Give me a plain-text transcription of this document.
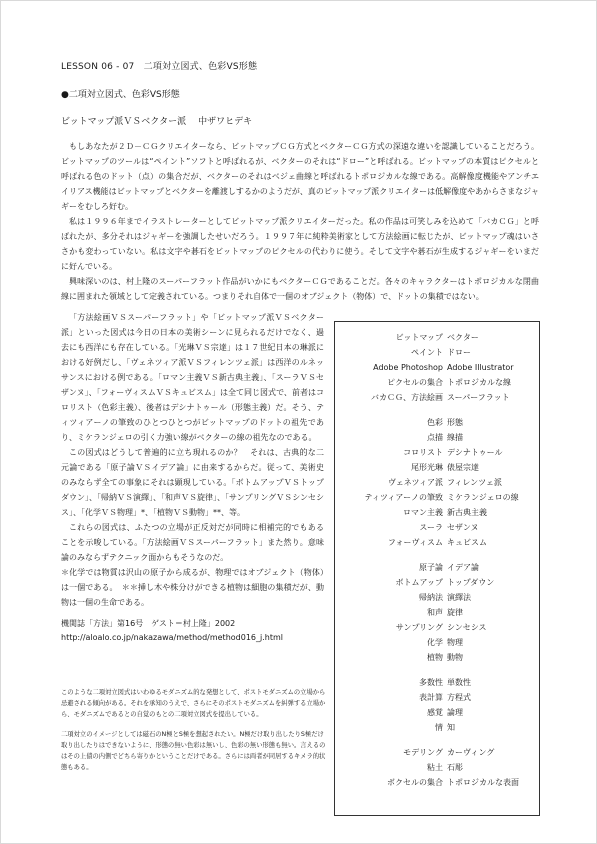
LESSON 06 - 07　二項対立図式、色彩VS形態
●二項対立図式、色彩VS形態
ビットマップ派ＶＳベクター派 中ザワヒデキ

もしあなたが２Ｄ－ＣＧクリエイターなら、ビットマップＣＧ方式とベクターＣＧ方式の深遠な違いを認識していることだろう。ビットマップのツールは“ペイント”ソフトと呼ばれるが、ベクターのそれは“ドロー”と呼ばれる。ビットマップの本質はピクセルと呼ばれる色のドット（点）の集合だが、ベクターのそれはベジェ曲線と呼ばれるトポロジカルな線である。高解像度機能やアンチエイリアス機能はビットマップとベクターを離渡しするかのようだが、真のビットマップ派クリエイターは低解像度やあからさまなジャギーをむしろ好む。

私は１９９６年までイラストレーターとしてビットマップ派クリエイターだった。私の作品は可笑しみを込めて「バカＣＧ」と呼ばれたが、多分それはジャギーを強調したせいだろう。１９９７年に純粋美術家として方法絵画に転じたが、ビットマップ魂はいささかも変わっていない。私は文字や碁石をビットマップのピクセルの代わりに使う。そして文字や碁石が生成するジャギーをいまだに好んでいる。

興味深いのは、村上隆のスーパーフラット作品がいかにもベクターＣＧであることだ。各々のキャラクターはトポロジカルな閉曲線に囲まれた領域として定義されている。つまりそれ自体で一個のオブジェクト（物体）で、ドットの集積ではない。

「方法絵画ＶＳスーパーフラット」や「ビットマップ派ＶＳベクター派」といった図式は今日の日本の美術シーンに見られるだけでなく、過去にも西洋にも存在している。「光琳ＶＳ宗達」は１７世紀日本の琳派における好例だし、「ヴェネツィア派ＶＳフィレンツェ派」は西洋のルネッサンスにおける例である。「ロマン主義ＶＳ新古典主義」、「スーラＶＳセザンヌ」、「フォーヴィスムＶＳキュビスム」は全て同じ図式で、前者はコロリスト（色彩主義）、後者はデシナトゥール（形態主義）だ。そう、ティツィアーノの筆致のひとつひとつがビットマップのドットの祖先であり、ミケランジェロの引く力強い線がベクターの線の祖先なのである。

この図式はどうして普遍的に立ち現れるのか？　それは、古典的な二元論である「原子論ＶＳイデア論」に由来するからだ。従って、美術史のみならず全ての事象にそれは顕現している。「ボトムアップＶＳトップダウン」、「帰納ＶＳ演繹」、「和声ＶＳ旋律」、「サンプリングＶＳシンセシス」、「化学ＶＳ物理」*、「植物ＶＳ動物」**、等。

これらの図式は、ふたつの立場が正反対だが同時に相補完的でもあることを示唆している。「方法絵画ＶＳスーパーフラット」また然り。意味論のみならずテクニック面からもそうなのだ。

＊化学では物質は沢山の原子から成るが、物理ではオブジェクト（物体）は一個である。　＊＊挿し木や株分けができる植物は細胞の集積だが、動物は一個の生命である。

機関誌「方法」第16号　ゲスト＝村上隆」2002
http://aloalo.co.jp/nakazawa/method/method016_j.html

このような二項対立図式はいわゆるモダニズム的な発想として、ポストモダニズムの立場から忌避される傾向がある。それを承知のうえで、さらにそのポストモダニズムを糾弾する立場から、モダニズムであるとの自覚のもとの二項対立図式を提出している。

二項対立のイメージとしては磁石のN極とS極を想起されたい。N極だけ取り出したりS極だけ取り出したりはできないように、形態の無い色彩は無いし、色彩の無い形態も無い。言えるのはその上債の内側でどちら寄りかということだけである。さらには両者が同居するキメラ的状態もある。

ビットマップ ベクター
ペイント ドロー
Adobe Photoshop Adobe Illustrator
ピクセルの集合 トポロジカルな線
バカＣＧ、方法絵画 スーパーフラット
色彩 形態
点描 線描
コロリスト デシナトゥール
尾形光琳 俵屋宗達
ヴェネツィア派 フィレンツェ派
ティツィアーノの筆致 ミケランジェロの線
ロマン主義 新古典主義
スーラ セザンヌ
フォーヴィスム キュビスム
原子論 イデア論
ボトムアップ トップダウン
帰納法 演繹法
和声 旋律
サンプリング シンセシス
化学 物理
植物 動物
多数性 単数性
表計算 方程式
感覚 論理
情 知
モデリング カーヴィング
粘土 石彫
ボクセルの集合 トポロジカルな表面
